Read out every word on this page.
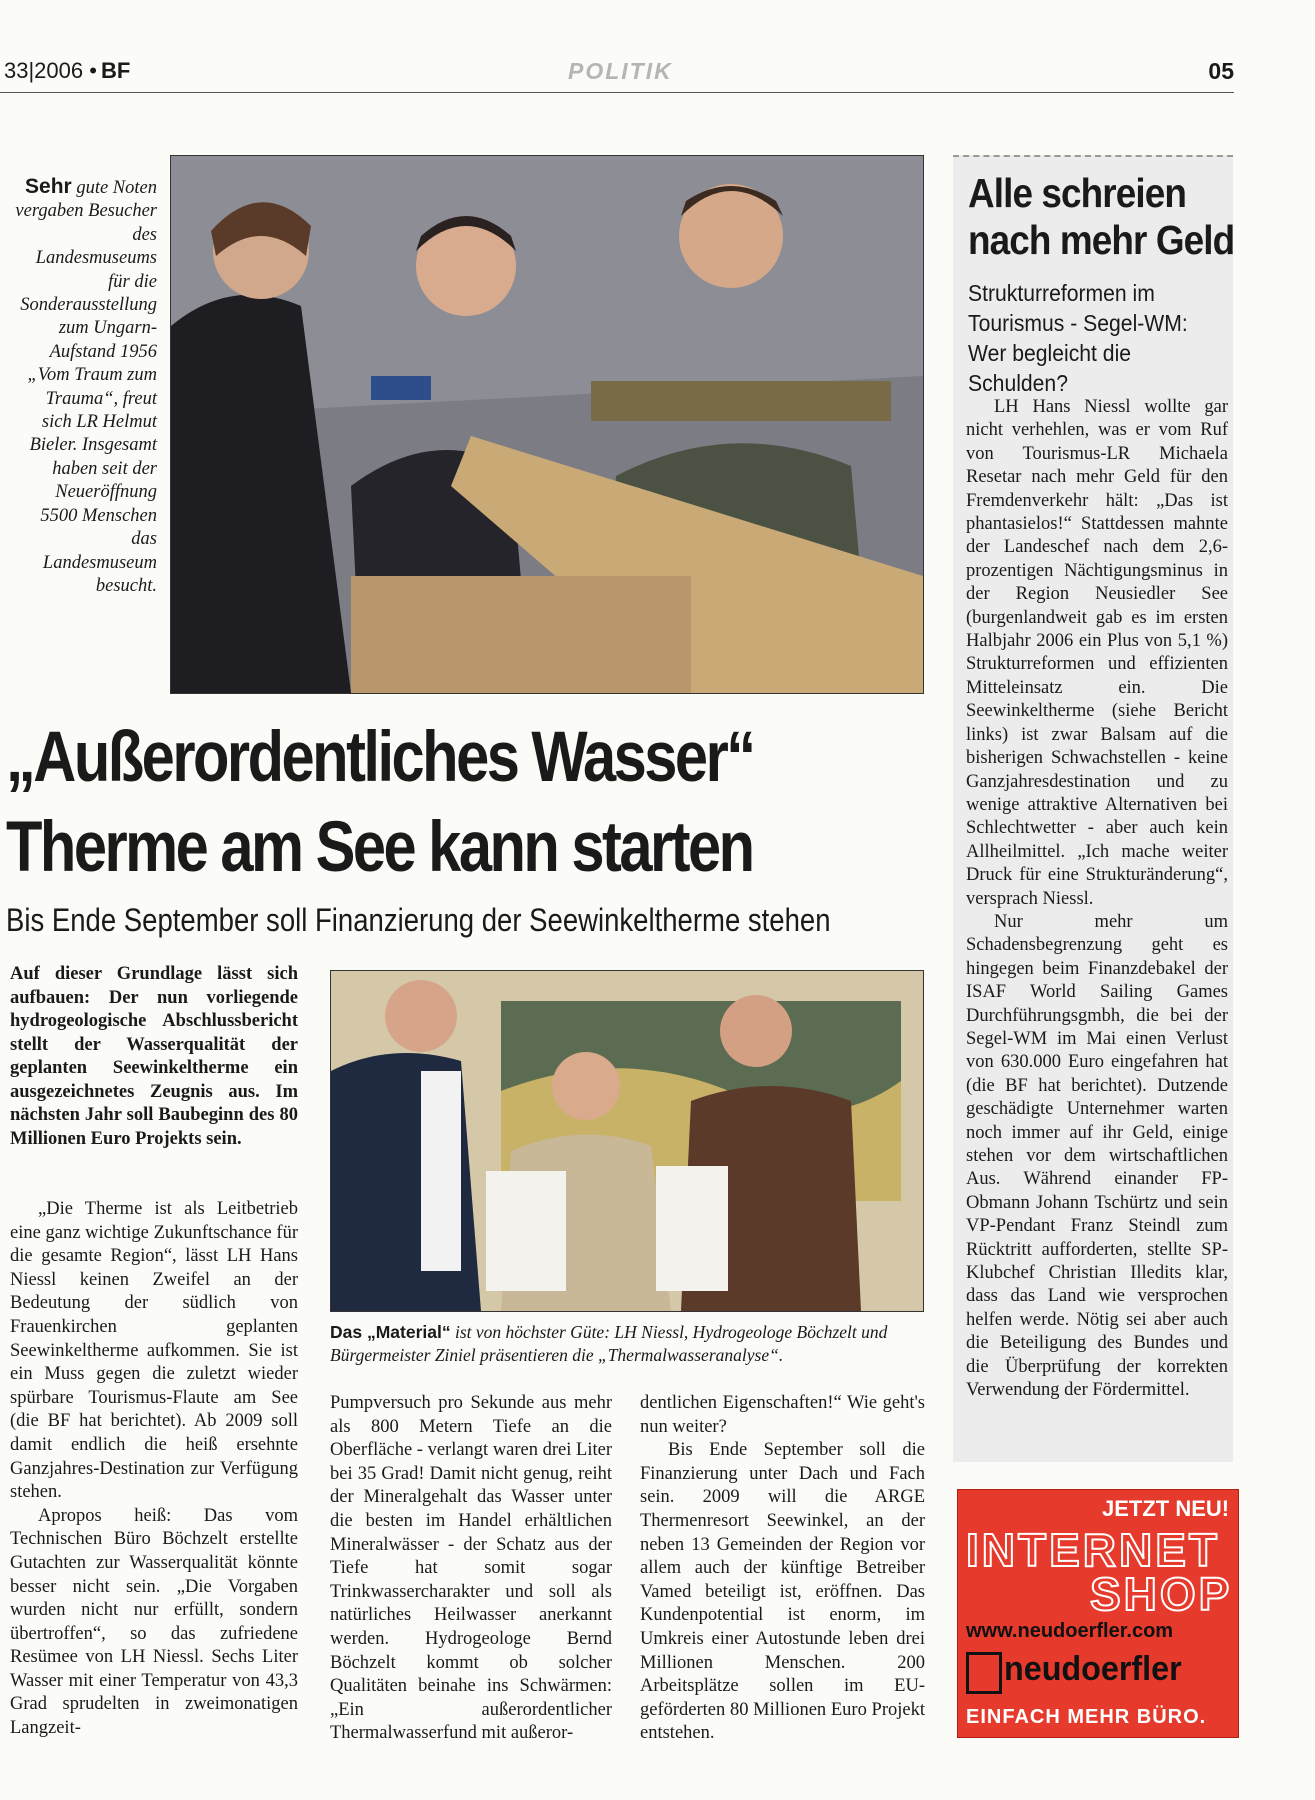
33|2006 • BF	POLITIK	05
Sehr gute Noten vergaben Besucher des Landesmuseums für die Sonderausstellung zum Ungarn-Aufstand 1956 „Vom Traum zum Trauma“, freut sich LR Helmut Bieler. Insgesamt haben seit der Neueröffnung 5500 Menschen das Landesmuseum besucht.
„Außerordentliches Wasser“
Therme am See kann starten
Bis Ende September soll Finanzierung der Seewinkeltherme stehen
Auf dieser Grundlage lässt sich aufbauen: Der nun vorliegende hydrogeologische Abschlussbericht stellt der Wasserqualität der geplanten Seewinkeltherme ein ausgezeichnetes Zeugnis aus. Im nächsten Jahr soll Baubeginn des 80 Millionen Euro Projekts sein.

„Die Therme ist als Leitbetrieb eine ganz wichtige Zukunftschance für die gesamte Region“, lässt LH Hans Niessl keinen Zweifel an der Bedeutung der südlich von Frauenkirchen geplanten Seewinkeltherme aufkommen. Sie ist ein Muss gegen die zuletzt wieder spürbare Tourismus-Flaute am See (die BF hat berichtet). Ab 2009 soll damit endlich die heiß ersehnte Ganzjahres-Destination zur Verfügung stehen.

Apropos heiß: Das vom Technischen Büro Böchzelt erstellte Gutachten zur Wasserqualität könnte besser nicht sein. „Die Vorgaben wurden nicht nur erfüllt, sondern übertroffen“, so das zufriedene Resümee von LH Niessl. Sechs Liter Wasser mit einer Temperatur von 43,3 Grad sprudelten in zweimonatigen Langzeit-

Das „Material“ ist von höchster Güte: LH Niessl, Hydrogeologe Böchzelt und Bürgermeister Ziniel präsentieren die „Thermalwasseranalyse“.
Pumpversuch pro Sekunde aus mehr als 800 Metern Tiefe an die Oberfläche - verlangt waren drei Liter bei 35 Grad! Damit nicht genug, reiht der Mineralgehalt das Wasser unter die besten im Handel erhältlichen Mineralwässer - der Schatz aus der Tiefe hat somit sogar Trinkwassercharakter und soll als natürliches Heilwasser anerkannt werden. Hydrogeologe Bernd Böchzelt kommt ob solcher Qualitäten beinahe ins Schwärmen: „Ein außerordentlicher Thermalwasserfund mit außeror-

dentlichen Eigenschaften!“ Wie geht's nun weiter?

Bis Ende September soll die Finanzierung unter Dach und Fach sein. 2009 will die ARGE Thermenresort Seewinkel, an der neben 13 Gemeinden der Region vor allem auch der künftige Betreiber Vamed beteiligt ist, eröffnen. Das Kundenpotential ist enorm, im Umkreis einer Autostunde leben drei Millionen Menschen. 200 Arbeitsplätze sollen im EU-geförderten 80 Millionen Euro Projekt entstehen.

Alle schreien
nach mehr Geld
Strukturreformen im Tourismus - Segel-WM: Wer begleicht die Schulden?

LH Hans Niessl wollte gar nicht verhehlen, was er vom Ruf von Tourismus-LR Michaela Resetar nach mehr Geld für den Fremdenverkehr hält: „Das ist phantasielos!“ Stattdessen mahnte der Landeschef nach dem 2,6-prozentigen Nächtigungsminus in der Region Neusiedler See (burgenlandweit gab es im ersten Halbjahr 2006 ein Plus von 5,1 %) Strukturreformen und effizienten Mitteleinsatz ein. Die Seewinkeltherme (siehe Bericht links) ist zwar Balsam auf die bisherigen Schwachstellen - keine Ganzjahresdestination und zu wenige attraktive Alternativen bei Schlechtwetter - aber auch kein Allheilmittel. „Ich mache weiter Druck für eine Strukturänderung“, versprach Niessl.

Nur mehr um Schadensbegrenzung geht es hingegen beim Finanzdebakel der ISAF World Sailing Games Durchführungsgmbh, die bei der Segel-WM im Mai einen Verlust von 630.000 Euro eingefahren hat (die BF hat berichtet). Dutzende geschädigte Unternehmer warten noch immer auf ihr Geld, einige stehen vor dem wirtschaftlichen Aus. Während einander FP-Obmann Johann Tschürtz und sein VP-Pendant Franz Steindl zum Rücktritt aufforderten, stellte SP-Klubchef Christian Illedits klar, dass das Land wie versprochen helfen werde. Nötig sei aber auch die Beteiligung des Bundes und die Überprüfung der korrekten Verwendung der Fördermittel.

JETZT NEU!
INTERNET
SHOP
www.neudoerfler.com
neudoerfler
EINFACH MEHR BÜRO.
